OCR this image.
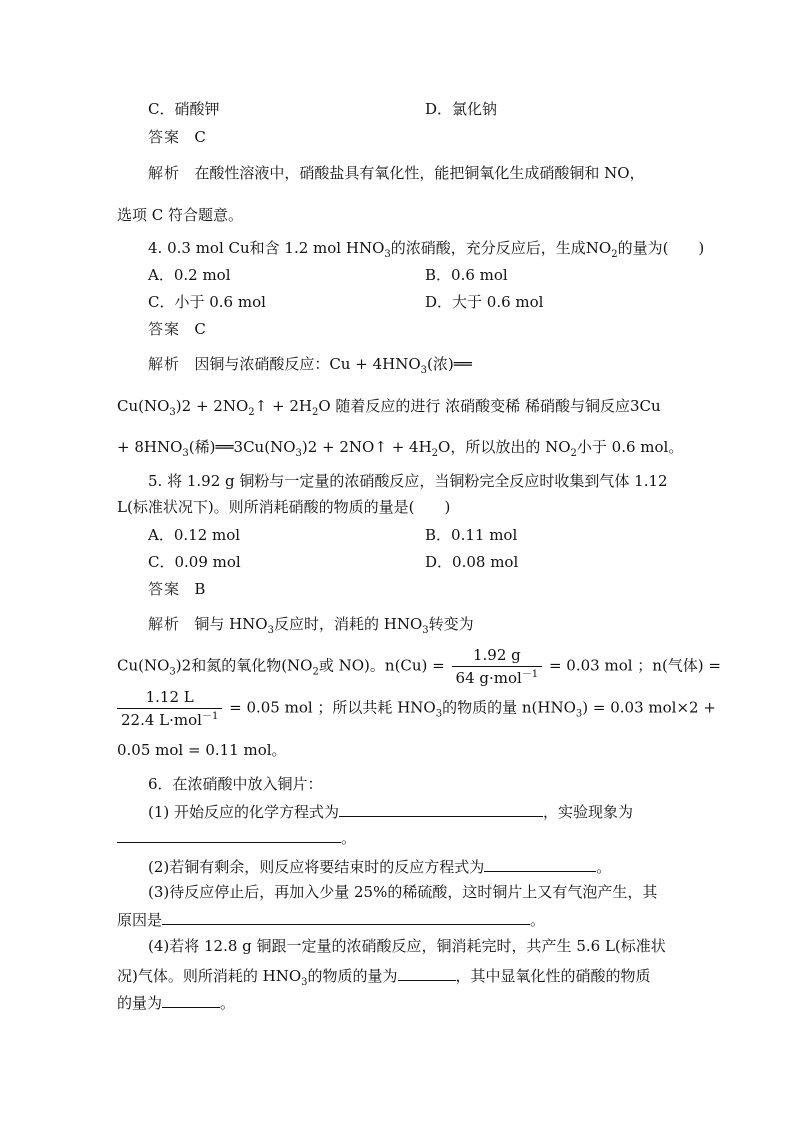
C．硝酸钾	D．氯化钠
答案 C
解析 在酸性溶液中，硝酸盐具有氧化性，能把铜氧化生成硝酸铜和 NO，
选项 C 符合题意。
4. 0.3 mol Cu和含 1.2 mol $HNO_3$的浓硝酸，充分反应后，生成$NO_2$的量为(　　)
A．0.2 mol	B．0.6 mol
C．小于 0.6 mol	D．大于 0.6 mol
答案 C
解析 因铜与浓硝酸反应：$Cu + 4HNO_3$(浓)══
$Cu(NO_3)2$ + $2NO_2↑ + 2H_2O$ 随着反应的进行 浓硝酸变稀 稀硝酸与铜反应3Cu
+ $8HNO_3$(稀)$══3Cu(NO_3)2$ + 2NO↑ + $4H_2O$，所以放出的 $NO_2$小于 0.6 mol。
5. 将 1.92 g 铜粉与一定量的浓硝酸反应，当铜粉完全反应时收集到气体 1.12
L(标准状况下)。则所消耗硝酸的物质的量是(　　)
A．0.12 mol	B．0.11 mol
C．0.09 mol	D．0.08 mol
答案 B
解析 铜与 $HNO_3$反应时，消耗的 $HNO_3$转变为
$Cu(NO_3)2$和氮的氧化物($NO_2$或 NO)。$n(Cu) = \frac{1.92 g}{64 g\cdot mol^{-1}} = 0.03$ mol ；n(气体) =
$\frac{1.12 L}{22.4 L\cdot mol^{-1}} = 0.05$ mol ；所以共耗 $HNO_3$的物质的量 $n(HNO_3) = 0.03$ mol×2 +
0.05 mol = 0.11 mol。
6．在浓硝酸中放入铜片：
(1) 开始反应的化学方程式为	，实验现象为
。
(2)若铜有剩余，则反应将要结束时的反应方程式为	。
(3)待反应停止后，再加入少量 25%的稀硫酸，这时铜片上又有气泡产生，其
原因是	。
(4)若将 12.8 g 铜跟一定量的浓硝酸反应，铜消耗完时，共产生 5.6 L(标准状
况)气体。则所消耗的 $HNO_3$的物质的量为	，其中显氧化性的硝酸的物质
的量为	。
